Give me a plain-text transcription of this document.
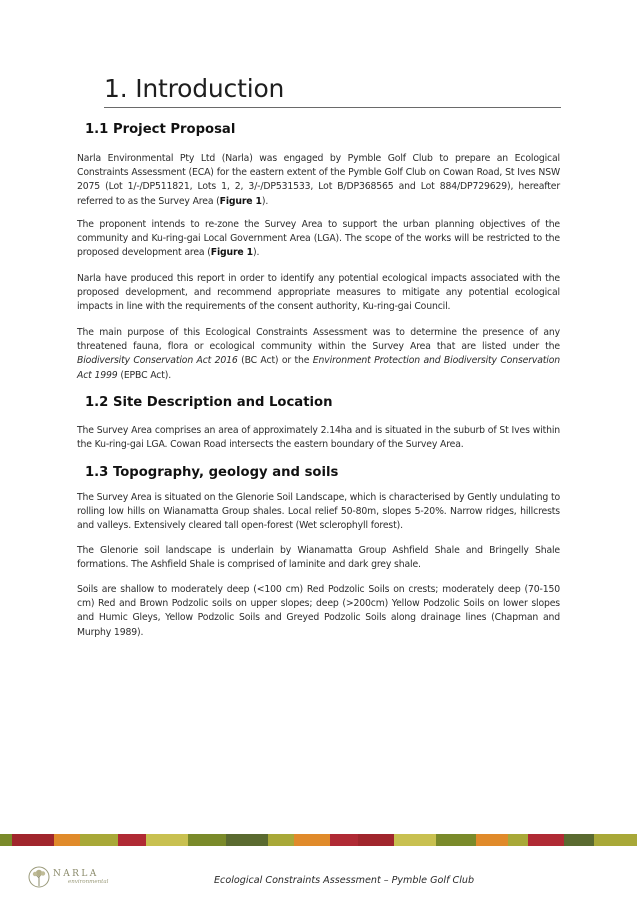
1. Introduction
1.1 Project Proposal

Narla Environmental Pty Ltd (Narla) was engaged by Pymble Golf Club to prepare an Ecological Constraints Assessment (ECA) for the eastern extent of the Pymble Golf Club on Cowan Road, St Ives NSW 2075 (Lot 1/-/DP511821, Lots 1, 2, 3/-/DP531533, Lot B/DP368565 and Lot 884/DP729629), hereafter referred to as the Survey Area (Figure 1).

The proponent intends to re-zone the Survey Area to support the urban planning objectives of the community and Ku-ring-gai Local Government Area (LGA). The scope of the works will be restricted to the proposed development area (Figure 1).

Narla have produced this report in order to identify any potential ecological impacts associated with the proposed development, and recommend appropriate measures to mitigate any potential ecological impacts in line with the requirements of the consent authority, Ku-ring-gai Council.

The main purpose of this Ecological Constraints Assessment was to determine the presence of any threatened fauna, flora or ecological community within the Survey Area that are listed under the Biodiversity Conservation Act 2016 (BC Act) or the Environment Protection and Biodiversity Conservation Act 1999 (EPBC Act).

1.2 Site Description and Location

The Survey Area comprises an area of approximately 2.14ha and is situated in the suburb of St Ives within the Ku-ring-gai LGA. Cowan Road intersects the eastern boundary of the Survey Area.

1.3 Topography, geology and soils

The Survey Area is situated on the Glenorie Soil Landscape, which is characterised by Gently undulating to rolling low hills on Wianamatta Group shales. Local relief 50-80m, slopes 5-20%. Narrow ridges, hillcrests and valleys. Extensively cleared tall open-forest (Wet sclerophyll forest).

The Glenorie soil landscape is underlain by Wianamatta Group Ashfield Shale and Bringelly Shale formations. The Ashfield Shale is comprised of laminite and dark grey shale.

Soils are shallow to moderately deep (<100 cm) Red Podzolic Soils on crests; moderately deep (70-150 cm) Red and Brown Podzolic soils on upper slopes; deep (>200cm) Yellow Podzolic Soils on lower slopes and Humic Gleys, Yellow Podzolic Soils and Greyed Podzolic Soils along drainage lines (Chapman and Murphy 1989).

NARLA
environmental	Ecological Constraints Assessment – Pymble Golf Club
